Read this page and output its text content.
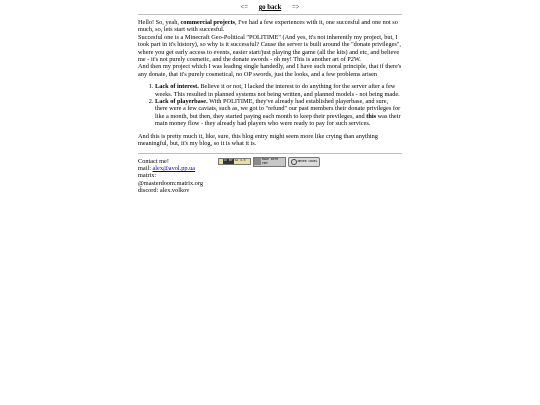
<= go back =>

Hello! So, yeah, commercial projects, I've had a few experiences with it, one succesful and one not so much, so, lets start with succesful.

Succesful one is a Minecraft Geo-Political "POLITIME" (And yes, it's not inherently my project, but, I took part in it's history), so why is it successful? Cause the server is built around the "donate privileges", where you get early access to events, easier start/just playing the game (all the kits) and etc, and believe me - it's not purely cosmetic, and the donate swords - oh my! This is another art of P2W.

And then my project which I was leading single handedly, and I have such moral principle, that if there's any donate, that it's purely cosmetical, no OP swords, just the looks, and a few problems arisen

1. Lack of interest. Believe it or not, I lacked the interest to do anything for the server after a few weeks. This resulted in planned systems not being written, and planned models - not being made.
2. Lack of playerbase. With POLITIME, they've already had established playerbase, and sure, there were a few caviats, such as, we got to "refund" our past members their donate privileges for like a month, but then, they started paying each month to keep their previleges, and this was their main money flow - they already had players who were ready to pay for such services.

And this is pretty much it, like, sure, this blog entry might seem more like crying than anything meaningful, but, it's my blog, so it is what it is.

Contact me!
mail: alex@avol.pp.ua
matrix:
@masterdoom:matrix.org
discord: alex.volkov
CC BY SA 4.0	MADE WITH VIM	NEVER CRUEL
